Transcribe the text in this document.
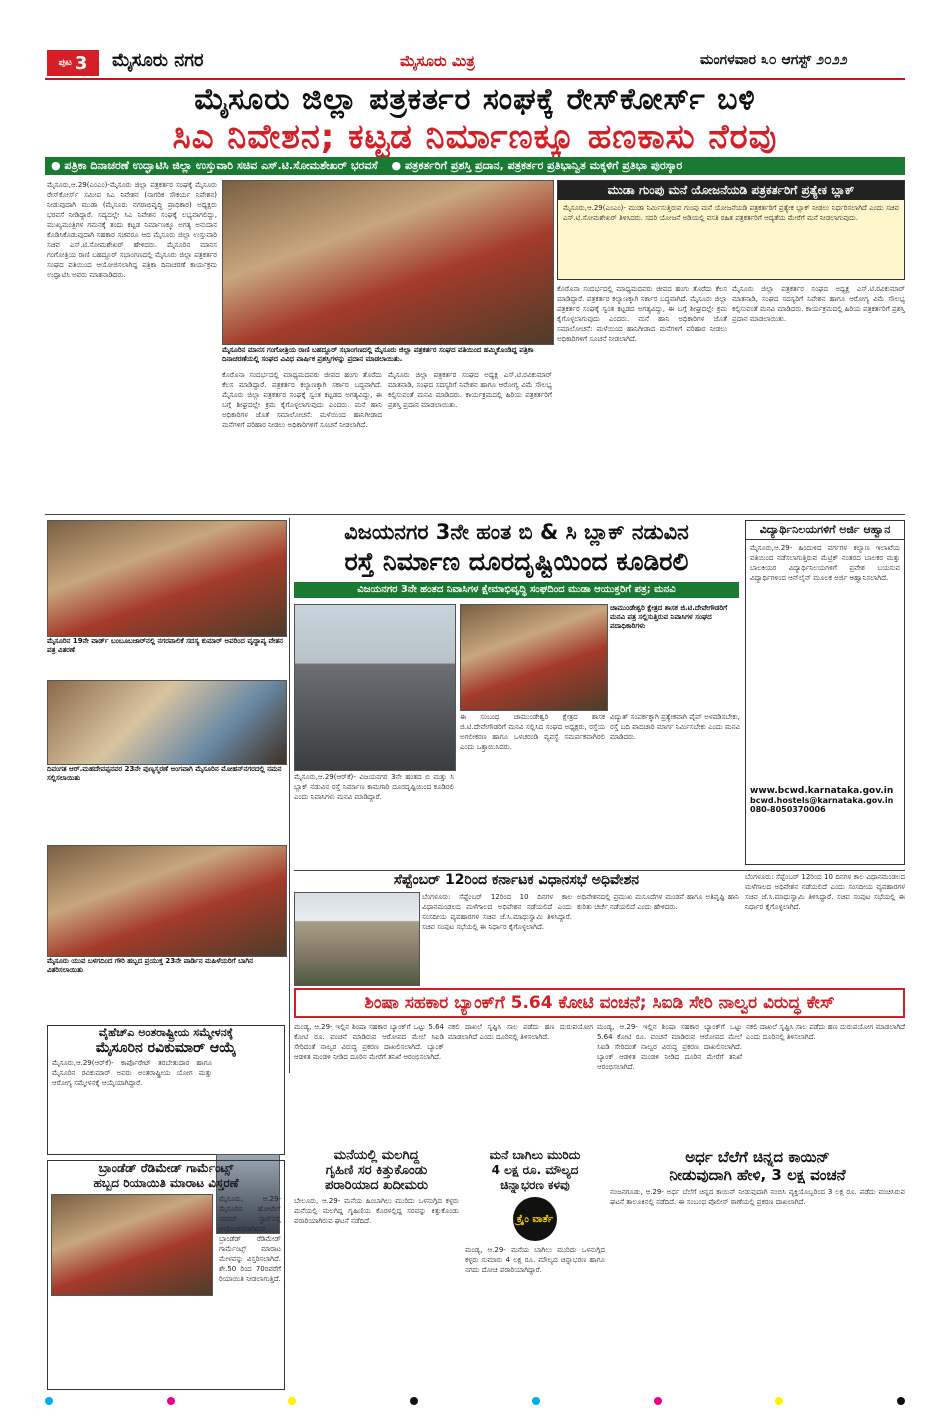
ಪುಟ 3 ಮೈಸೂರು ನಗರ	ಮೈಸೂರು ಮಿತ್ರ	ಮಂಗಳವಾರ ೩೦ ಆಗಸ್ಟ್ ೨೦೨೨
ಮೈಸೂರು ಜಿಲ್ಲಾ ಪತ್ರಕರ್ತರ ಸಂಘಕ್ಕೆ ರೇಸ್‌ಕೋರ್ಸ್ ಬಳಿ
ಸಿಎ ನಿವೇಶನ; ಕಟ್ಟಡ ನಿರ್ಮಾಣಕ್ಕೂ ಹಣಕಾಸು ನೆರವು
● ಪತ್ರಿಕಾ ದಿನಾಚರಣೆ ಉದ್ಘಾಟಿಸಿ ಜಿಲ್ಲಾ ಉಸ್ತುವಾರಿ ಸಚಿವ ಎಸ್.ಟಿ.ಸೋಮಶೇಖರ್ ಭರವಸೆ ● ಪತ್ರಕರ್ತರಿಗೆ ಪ್ರಶಸ್ತಿ ಪ್ರದಾನ, ಪತ್ರಕರ್ತರ ಪ್ರತಿಭಾನ್ವಿತ ಮಕ್ಕಳಿಗೆ ಪ್ರತಿಭಾ ಪುರಸ್ಕಾರ

ಮೈಸೂರು,ಆ.29(ಎಂಎಂ)-ಮೈಸೂರು ಜಿಲ್ಲಾ ಪತ್ರಕರ್ತರ ಸಂಘಕ್ಕೆ ಮೈಸೂರು ರೇಸ್‌ಕೋರ್ಸ್ ಸಮೀಪ ಸಿಎ ನಿವೇಶನ (ನಾಗರಿಕ ಸೌಕರ್ಯ ನಿವೇಶನ) ನೀಡುವುದಾಗಿ ಮುಡಾ (ಮೈಸೂರು ನಗರಾಭಿವೃದ್ಧಿ ಪ್ರಾಧಿಕಾರ) ಅಧ್ಯಕ್ಷರು ಭರವಸೆ ನೀಡಿದ್ದಾರೆ. ಸದ್ಯದಲ್ಲೇ ಸಿಎ ನಿವೇಶನ ಸಂಘಕ್ಕೆ ಲಭ್ಯವಾಗಲಿದ್ದು, ಮುಖ್ಯಮಂತ್ರಿಗಳ ಗಮನಕ್ಕೆ ತಂದು ಕಟ್ಟಡ ನಿರ್ಮಾಣಕ್ಕೂ ಅಗತ್ಯ ಅನುದಾನ ಕೊಡಿಸಿಕೊಡುವುದಾಗಿ ಸಹಕಾರ ಸಚಿವರೂ ಆದ ಮೈಸೂರು ಜಿಲ್ಲಾ ಉಸ್ತುವಾರಿ ಸಚಿವ ಎಸ್.ಟಿ.ಸೋಮಶೇಖರ್ ಹೇಳಿದರು. ಮೈಸೂರಿನ ಮಾನಸ ಗಂಗೋತ್ರಿಯ ರಾಣಿ ಬಹದ್ದೂರ್ ಸಭಾಂಗಣದಲ್ಲಿ ಮೈಸೂರು ಜಿಲ್ಲಾ ಪತ್ರಕರ್ತರ ಸಂಘದ ವತಿಯಿಂದ ಆಯೋಜಿಸಲಾಗಿದ್ದ ಪತ್ರಿಕಾ ದಿನಾಚರಣೆ ಕಾರ್ಯಕ್ರಮ ಉದ್ಘಾಟಿಸಿ ಅವರು ಮಾತನಾಡಿದರು.

ಮೈಸೂರಿನ ಮಾನಸ ಗಂಗೋತ್ರಿಯ ರಾಣಿ ಬಹದ್ದೂರ್ ಸಭಾಂಗಣದಲ್ಲಿ ಮೈಸೂರು ಜಿಲ್ಲಾ ಪತ್ರಕರ್ತರ ಸಂಘದ ವತಿಯಿಂದ ಹಮ್ಮಿಕೊಂಡಿದ್ದ ಪತ್ರಿಕಾ ದಿನಾಚರಣೆಯಲ್ಲಿ ಸಂಘದ ವಿವಿಧ ವಾರ್ಷಿಕ ಪ್ರಶಸ್ತಿಗಳನ್ನು ಪ್ರದಾನ ಮಾಡಲಾಯಿತು.

ಕೊರೊನಾ ಸಂದರ್ಭದಲ್ಲಿ ಮಾಧ್ಯಮದವರು ಜೀವದ ಹಂಗು ತೊರೆದು ಕೆಲಸ ಮಾಡಿದ್ದಾರೆ. ಪತ್ರಕರ್ತರ ಕಲ್ಯಾಣಕ್ಕಾಗಿ ಸರ್ಕಾರ ಬದ್ಧವಾಗಿದೆ. ಮೈಸೂರು ಜಿಲ್ಲಾ ಪತ್ರಕರ್ತರ ಸಂಘಕ್ಕೆ ಸ್ವಂತ ಕಟ್ಟಡದ ಅಗತ್ಯವಿದ್ದು, ಈ ಬಗ್ಗೆ ಶೀಘ್ರದಲ್ಲೇ ಕ್ರಮ ಕೈಗೊಳ್ಳಲಾಗುವುದು ಎಂದರು. ಮನೆ ಹಾನಿ ಅಧಿಕಾರಿಗಳ ಜೊತೆ ಸಮಾಲೋಚನೆ: ಮಳೆಯಿಂದ ಹಾನಿಗೀಡಾದ ಮನೆಗಳಿಗೆ ಪರಿಹಾರ ನೀಡಲು ಅಧಿಕಾರಿಗಳಿಗೆ ಸೂಚನೆ ನೀಡಲಾಗಿದೆ.

ಮೈಸೂರು ಜಿಲ್ಲಾ ಪತ್ರಕರ್ತರ ಸಂಘದ ಅಧ್ಯಕ್ಷ ಎಸ್.ಟಿ.ರವಿಕುಮಾರ್ ಮಾತನಾಡಿ, ಸಂಘದ ಸದಸ್ಯರಿಗೆ ನಿವೇಶನ ಹಾಗೂ ಆರೋಗ್ಯ ವಿಮೆ ಸೌಲಭ್ಯ ಕಲ್ಪಿಸುವಂತೆ ಮನವಿ ಮಾಡಿದರು. ಕಾರ್ಯಕ್ರಮದಲ್ಲಿ ಹಿರಿಯ ಪತ್ರಕರ್ತರಿಗೆ ಪ್ರಶಸ್ತಿ ಪ್ರದಾನ ಮಾಡಲಾಯಿತು.

ಮುಡಾ ಗುಂಪು ಮನೆ ಯೋಜನೆಯಡಿ ಪತ್ರಕರ್ತರಿಗೆ ಪ್ರತ್ಯೇಕ ಬ್ಲಾಕ್

ಮೈಸೂರು,ಆ.29(ಎಂಎಂ)- ಮುಡಾ ನಿರ್ಮಿಸುತ್ತಿರುವ ಗುಂಪು ಮನೆ ಯೋಜನೆಯಡಿ ಪತ್ರಕರ್ತರಿಗೆ ಪ್ರತ್ಯೇಕ ಬ್ಲಾಕ್ ನೀಡಲು ನಿರ್ಧರಿಸಲಾಗಿದೆ ಎಂದು ಸಚಿವ ಎಸ್.ಟಿ.ಸೋಮಶೇಖರ್ ತಿಳಿಸಿದರು. ಸದರಿ ಯೋಜನೆ ಅಡಿಯಲ್ಲಿ ವಸತಿ ರಹಿತ ಪತ್ರಕರ್ತರಿಗೆ ಆದ್ಯತೆಯ ಮೇರೆಗೆ ಮನೆ ನೀಡಲಾಗುವುದು.

ಕೊರೊನಾ ಸಂದರ್ಭದಲ್ಲಿ ಮಾಧ್ಯಮದವರು ಜೀವದ ಹಂಗು ತೊರೆದು ಕೆಲಸ ಮಾಡಿದ್ದಾರೆ. ಪತ್ರಕರ್ತರ ಕಲ್ಯಾಣಕ್ಕಾಗಿ ಸರ್ಕಾರ ಬದ್ಧವಾಗಿದೆ. ಮೈಸೂರು ಜಿಲ್ಲಾ ಪತ್ರಕರ್ತರ ಸಂಘಕ್ಕೆ ಸ್ವಂತ ಕಟ್ಟಡದ ಅಗತ್ಯವಿದ್ದು, ಈ ಬಗ್ಗೆ ಶೀಘ್ರದಲ್ಲೇ ಕ್ರಮ ಕೈಗೊಳ್ಳಲಾಗುವುದು ಎಂದರು. ಮನೆ ಹಾನಿ ಅಧಿಕಾರಿಗಳ ಜೊತೆ ಸಮಾಲೋಚನೆ: ಮಳೆಯಿಂದ ಹಾನಿಗೀಡಾದ ಮನೆಗಳಿಗೆ ಪರಿಹಾರ ನೀಡಲು ಅಧಿಕಾರಿಗಳಿಗೆ ಸೂಚನೆ ನೀಡಲಾಗಿದೆ.

ಮೈಸೂರು ಜಿಲ್ಲಾ ಪತ್ರಕರ್ತರ ಸಂಘದ ಅಧ್ಯಕ್ಷ ಎಸ್.ಟಿ.ರವಿಕುಮಾರ್ ಮಾತನಾಡಿ, ಸಂಘದ ಸದಸ್ಯರಿಗೆ ನಿವೇಶನ ಹಾಗೂ ಆರೋಗ್ಯ ವಿಮೆ ಸೌಲಭ್ಯ ಕಲ್ಪಿಸುವಂತೆ ಮನವಿ ಮಾಡಿದರು. ಕಾರ್ಯಕ್ರಮದಲ್ಲಿ ಹಿರಿಯ ಪತ್ರಕರ್ತರಿಗೆ ಪ್ರಶಸ್ತಿ ಪ್ರದಾನ ಮಾಡಲಾಯಿತು.

ಮೈಸೂರಿನ 19ನೇ ವಾರ್ಡ್ ಬಂಬೂಬಜಾರ್‌ನಲ್ಲಿ ನಗರಪಾಲಿಕೆ ಸದಸ್ಯ ಕುಮಾರ್ ಅವರಿಂದ ವೃದ್ಧಾಪ್ಯ ವೇತನ ಪತ್ರ ವಿತರಣೆ
ದಿವಂಗತ ಆರ್.ಮಹದೇವಪ್ಪನವರ 23ನೇ ಪುಣ್ಯಸ್ಮರಣೆ ಅಂಗವಾಗಿ ಮೈಸೂರಿನ ಮೋಹನ್‌ನಗರದಲ್ಲಿ ನಮನ ಸಲ್ಲಿಸಲಾಯಿತು
ಮೈಸೂರು ಯುವ ಬಳಗದಿಂದ ಗೌರಿ ಹಬ್ಬದ ಪ್ರಯುಕ್ತ 23ನೇ ವಾರ್ಡಿನ ಮಹಿಳೆಯರಿಗೆ ಬಾಗಿನ ವಿತರಿಸಲಾಯಿತು
ವಿಜಯನಗರ 3ನೇ ಹಂತ ಬಿ & ಸಿ ಬ್ಲಾಕ್ ನಡುವಿನ
ರಸ್ತೆ ನಿರ್ಮಾಣ ದೂರದೃಷ್ಟಿಯಿಂದ ಕೂಡಿರಲಿ
ವಿಜಯನಗರ 3ನೇ ಹಂತದ ನಿವಾಸಿಗಳ ಕ್ಷೇಮಾಭಿವೃದ್ಧಿ ಸಂಘದಿಂದ ಮುಡಾ ಆಯುಕ್ತರಿಗೆ ಪತ್ರ; ಮನವಿ
ಚಾಮುಂಡೇಶ್ವರಿ ಕ್ಷೇತ್ರದ ಶಾಸಕ ಜಿ.ಟಿ.ದೇವೇಗೌಡರಿಗೆ ಮನವಿ ಪತ್ರ ಸಲ್ಲಿಸುತ್ತಿರುವ ನಿವಾಸಿಗಳ ಸಂಘದ ಪದಾಧಿಕಾರಿಗಳು

ಮೈಸೂರು,ಆ.29(ಆರ್‌ಕೆ)- ವಿಜಯನಗರ 3ನೇ ಹಂತದ ಬಿ ಮತ್ತು ಸಿ ಬ್ಲಾಕ್ ನಡುವಿನ ರಸ್ತೆ ನಿರ್ಮಾಣ ಕಾಮಗಾರಿ ದೂರದೃಷ್ಟಿಯಿಂದ ಕೂಡಿರಲಿ ಎಂದು ನಿವಾಸಿಗಳು ಮನವಿ ಮಾಡಿದ್ದಾರೆ.

ಈ ಸಂಬಂಧ ಚಾಮುಂಡೇಶ್ವರಿ ಕ್ಷೇತ್ರದ ಶಾಸಕ ಜಿ.ಟಿ.ದೇವೇಗೌಡರಿಗೆ ಮನವಿ ಸಲ್ಲಿಸಿದ ಸಂಘದ ಅಧ್ಯಕ್ಷರು, ರಸ್ತೆಯ ಅಗಲೀಕರಣ ಹಾಗೂ ಒಳಚರಂಡಿ ವ್ಯವಸ್ಥೆ ಸಮರ್ಪಕವಾಗಿರಲಿ ಎಂದು ಒತ್ತಾಯಿಸಿದರು.

ವಿದ್ಯುತ್ ಸಂಪರ್ಕಕ್ಕಾಗಿ ಪ್ರತ್ಯೇಕವಾಗಿ ಪೈಪ್ ಅಳವಡಿಸಬೇಕು, ರಸ್ತೆ ಬದಿ ಪಾದಚಾರಿ ಮಾರ್ಗ ನಿರ್ಮಿಸಬೇಕು ಎಂದು ಮನವಿ ಮಾಡಿದರು.

ವಿದ್ಯಾರ್ಥಿನಿಲಯಗಳಿಗೆ ಅರ್ಜಿ ಆಹ್ವಾನ

ಮೈಸೂರು,ಆ.29- ಹಿಂದುಳಿದ ವರ್ಗಗಳ ಕಲ್ಯಾಣ ಇಲಾಖೆಯ ವತಿಯಿಂದ ನಡೆಸಲಾಗುತ್ತಿರುವ ಮೆಟ್ರಿಕ್ ನಂತರದ ಬಾಲಕರ ಮತ್ತು ಬಾಲಕಿಯರ ವಿದ್ಯಾರ್ಥಿನಿಲಯಗಳಿಗೆ ಪ್ರವೇಶ ಬಯಸುವ ವಿದ್ಯಾರ್ಥಿಗಳಿಂದ ಆನ್‌ಲೈನ್ ಮೂಲಕ ಅರ್ಜಿ ಆಹ್ವಾನಿಸಲಾಗಿದೆ.

www.bcwd.karnataka.gov.in
bcwd.hostels@karnataka.gov.in
080-8050370006
ಸೆಪ್ಟೆಂಬರ್ 12ರಿಂದ ಕರ್ನಾಟಕ ವಿಧಾನಸಭೆ ಅಧಿವೇಶನ

ಬೆಂಗಳೂರು: ಸೆಪ್ಟೆಂಬರ್ 12ರಿಂದ 10 ದಿನಗಳ ಕಾಲ ವಿಧಾನಮಂಡಲದ ಮಳೆಗಾಲದ ಅಧಿವೇಶನ ನಡೆಯಲಿದೆ ಎಂದು ಸಂಸದೀಯ ವ್ಯವಹಾರಗಳ ಸಚಿವ ಜೆ.ಸಿ.ಮಾಧುಸ್ವಾಮಿ ತಿಳಿಸಿದ್ದಾರೆ. ಸಚಿವ ಸಂಪುಟ ಸಭೆಯಲ್ಲಿ ಈ ನಿರ್ಧಾರ ಕೈಗೊಳ್ಳಲಾಗಿದೆ.

ಅಧಿವೇಶನದಲ್ಲಿ ಪ್ರಮುಖ ಮಸೂದೆಗಳ ಮಂಡನೆ ಹಾಗೂ ಅತಿವೃಷ್ಟಿ ಹಾನಿ ಕುರಿತು ಚರ್ಚೆ ನಡೆಯಲಿದೆ ಎಂದು ಹೇಳಿದರು.

ಬೆಂಗಳೂರು: ಸೆಪ್ಟೆಂಬರ್ 12ರಿಂದ 10 ದಿನಗಳ ಕಾಲ ವಿಧಾನಮಂಡಲದ ಮಳೆಗಾಲದ ಅಧಿವೇಶನ ನಡೆಯಲಿದೆ ಎಂದು ಸಂಸದೀಯ ವ್ಯವಹಾರಗಳ ಸಚಿವ ಜೆ.ಸಿ.ಮಾಧುಸ್ವಾಮಿ ತಿಳಿಸಿದ್ದಾರೆ. ಸಚಿವ ಸಂಪುಟ ಸಭೆಯಲ್ಲಿ ಈ ನಿರ್ಧಾರ ಕೈಗೊಳ್ಳಲಾಗಿದೆ.

ಶಿಂಷಾ ಸಹಕಾರ ಬ್ಯಾಂಕ್‌ಗೆ 5.64 ಕೋಟಿ ವಂಚನೆ; ಸಿಐಡಿ ಸೇರಿ ನಾಲ್ವರ ವಿರುದ್ಧ ಕೇಸ್

ಮಂಡ್ಯ, ಆ.29- ಇಲ್ಲಿನ ಶಿಂಷಾ ಸಹಕಾರ ಬ್ಯಾಂಕ್‌ಗೆ ಒಟ್ಟು 5.64 ಕೋಟಿ ರೂ. ವಂಚನೆ ಮಾಡಿರುವ ಆರೋಪದ ಮೇಲೆ ಸಿಐಡಿ ಸೇರಿದಂತೆ ನಾಲ್ವರ ವಿರುದ್ಧ ಪ್ರಕರಣ ದಾಖಲಿಸಲಾಗಿದೆ. ಬ್ಯಾಂಕ್ ಆಡಳಿತ ಮಂಡಳಿ ನೀಡಿದ ದೂರಿನ ಮೇರೆಗೆ ತನಿಖೆ ಆರಂಭಿಸಲಾಗಿದೆ.

ನಕಲಿ ದಾಖಲೆ ಸೃಷ್ಟಿಸಿ ಸಾಲ ಪಡೆದು ಹಣ ದುರುಪಯೋಗ ಮಾಡಲಾಗಿದೆ ಎಂದು ದೂರಿನಲ್ಲಿ ತಿಳಿಸಲಾಗಿದೆ.

ಮಂಡ್ಯ, ಆ.29- ಇಲ್ಲಿನ ಶಿಂಷಾ ಸಹಕಾರ ಬ್ಯಾಂಕ್‌ಗೆ ಒಟ್ಟು 5.64 ಕೋಟಿ ರೂ. ವಂಚನೆ ಮಾಡಿರುವ ಆರೋಪದ ಮೇಲೆ ಸಿಐಡಿ ಸೇರಿದಂತೆ ನಾಲ್ವರ ವಿರುದ್ಧ ಪ್ರಕರಣ ದಾಖಲಿಸಲಾಗಿದೆ. ಬ್ಯಾಂಕ್ ಆಡಳಿತ ಮಂಡಳಿ ನೀಡಿದ ದೂರಿನ ಮೇರೆಗೆ ತನಿಖೆ ಆರಂಭಿಸಲಾಗಿದೆ.

ನಕಲಿ ದಾಖಲೆ ಸೃಷ್ಟಿಸಿ ಸಾಲ ಪಡೆದು ಹಣ ದುರುಪಯೋಗ ಮಾಡಲಾಗಿದೆ ಎಂದು ದೂರಿನಲ್ಲಿ ತಿಳಿಸಲಾಗಿದೆ.

ವೈಹೆಚ್‌ಎ ಅಂತರಾಷ್ಟ್ರೀಯ ಸಮ್ಮೇಳನಕ್ಕೆ
ಮೈಸೂರಿನ ರವಿಕುಮಾರ್ ಆಯ್ಕೆ

ಮೈಸೂರು,ಆ.29(ಆರ್‌ಕೆ)- ಕಾರ್ಪೊರೇಟ್ ತರಬೇತುದಾರ ಹಾಗೂ ಮೈಸೂರಿನ ರವಿಕುಮಾರ್ ಅವರು ಅಂತರಾಷ್ಟ್ರೀಯ ಯೋಗ ಮತ್ತು ಆರೋಗ್ಯ ಸಮ್ಮೇಳನಕ್ಕೆ ಆಯ್ಕೆಯಾಗಿದ್ದಾರೆ.

ಬ್ರಾಂಡೆಡ್ ರೆಡಿಮೇಡ್ ಗಾರ್ಮೆಂಟ್ಸ್
ಹಬ್ಬದ ರಿಯಾಯಿತಿ ಮಾರಾಟ ವಿಸ್ತರಣೆ

ಮೈಸೂರು, ಆ.29- ಮೈಸೂರಿನ ಹೋಟೆಲ್ ಸದರನ್ ಸ್ಟಾರ್‌ನಲ್ಲಿ ಆಯೋಜಿಸಲಾಗಿರುವ ಬ್ರಾಂಡೆಡ್ ರೆಡಿಮೇಡ್ ಗಾರ್ಮೆಂಟ್ಸ್ ಮಾರಾಟ ಮೇಳವನ್ನು ವಿಸ್ತರಿಸಲಾಗಿದೆ. ಶೇ.50 ರಿಂದ 70ರವರೆಗೆ ರಿಯಾಯಿತಿ ನೀಡಲಾಗುತ್ತಿದೆ.

ಮನೆಯಲ್ಲಿ ಮಲಗಿದ್ದ
ಗೃಹಿಣಿ ಸರ ಕಿತ್ತುಕೊಂಡು
ಪರಾರಿಯಾದ ಖದೀಮರು

ಬೇಲೂರು, ಆ.29- ಮನೆಯ ಹಿಂಬಾಗಿಲು ಮುರಿದು ಒಳನುಗ್ಗಿದ ಕಳ್ಳರು ಮನೆಯಲ್ಲಿ ಮಲಗಿದ್ದ ಗೃಹಿಣಿಯ ಕೊರಳಲ್ಲಿದ್ದ ಸರವನ್ನು ಕಿತ್ತುಕೊಂಡು ಪರಾರಿಯಾಗಿರುವ ಘಟನೆ ನಡೆದಿದೆ.

ಮನೆ ಬಾಗಿಲು ಮುರಿದು
4 ಲಕ್ಷ ರೂ. ಮೌಲ್ಯದ
ಚಿನ್ನಾಭರಣ ಕಳವು
ಕ್ರೈಂ ವಾರ್ತೆ

ಮಂಡ್ಯ, ಆ.29- ಮನೆಯ ಬಾಗಿಲು ಮುರಿದು ಒಳನುಗ್ಗಿದ ಕಳ್ಳರು ಸುಮಾರು 4 ಲಕ್ಷ ರೂ. ಮೌಲ್ಯದ ಚಿನ್ನಾಭರಣ ಹಾಗೂ ನಗದು ದೋಚಿ ಪರಾರಿಯಾಗಿದ್ದಾರೆ.

ಅರ್ಧ ಬೆಲೆಗೆ ಚಿನ್ನದ ಕಾಯಿನ್
ನೀಡುವುದಾಗಿ ಹೇಳಿ, 3 ಲಕ್ಷ ವಂಚನೆ

ನಂಜನಗೂಡು, ಆ.29- ಅರ್ಧ ಬೆಲೆಗೆ ಚಿನ್ನದ ಕಾಯಿನ್ ನೀಡುವುದಾಗಿ ನಂಬಿಸಿ ವ್ಯಕ್ತಿಯೊಬ್ಬರಿಂದ 3 ಲಕ್ಷ ರೂ. ಪಡೆದು ವಂಚಿಸಿರುವ ಘಟನೆ ತಾಲೂಕಿನಲ್ಲಿ ನಡೆದಿದೆ. ಈ ಸಂಬಂಧ ಪೊಲೀಸ್ ಠಾಣೆಯಲ್ಲಿ ಪ್ರಕರಣ ದಾಖಲಾಗಿದೆ.
